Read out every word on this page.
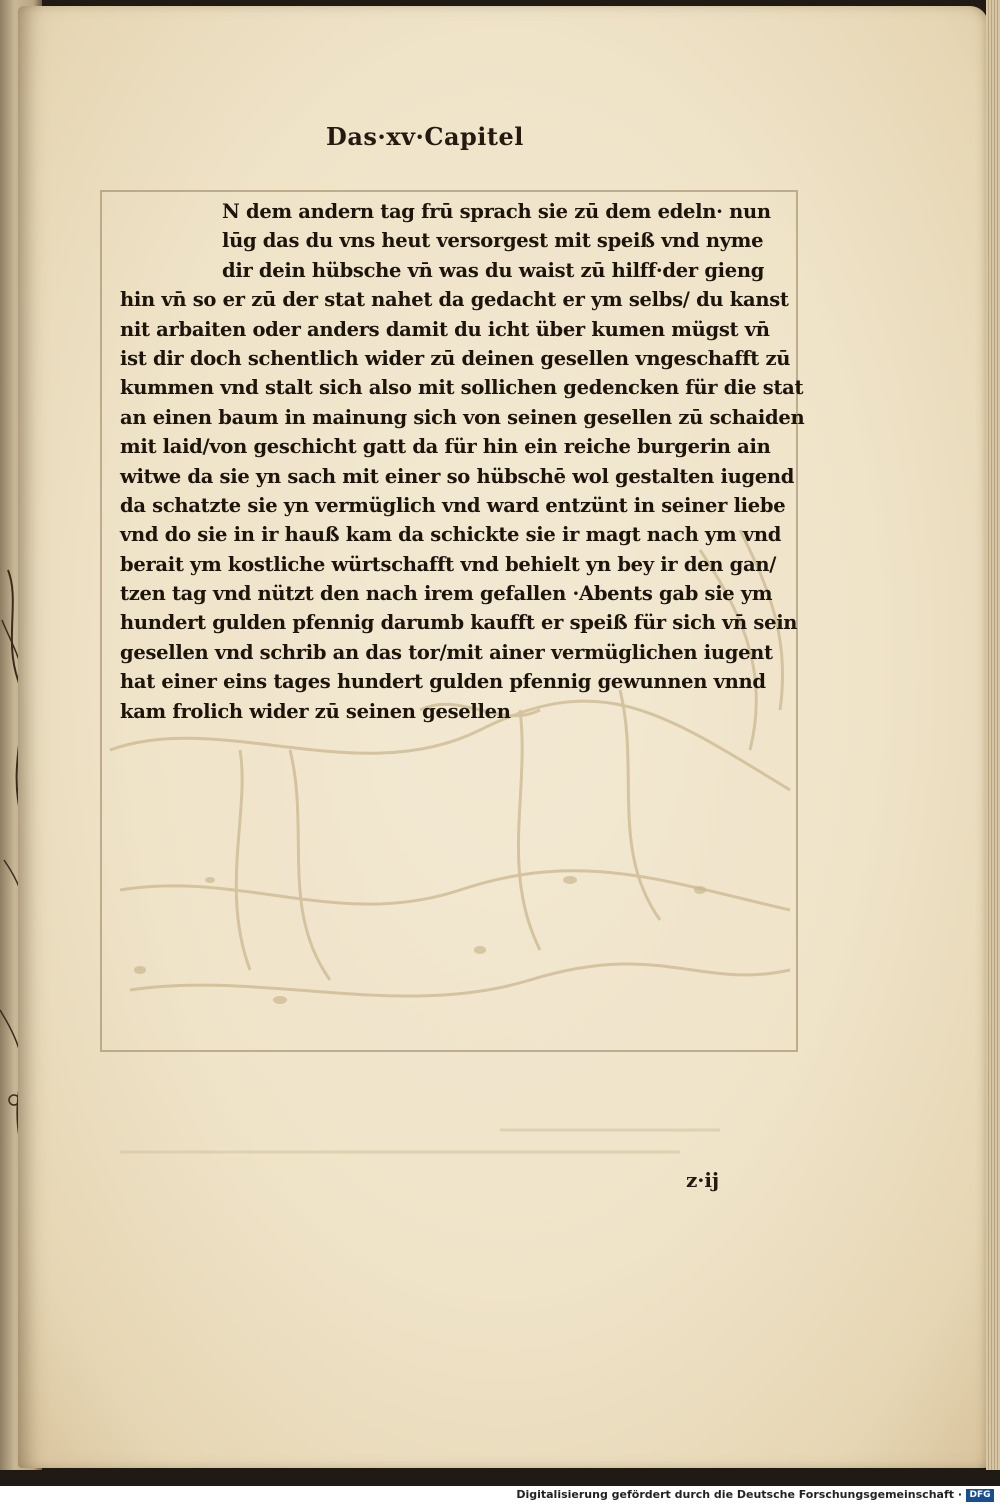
Das·xv·Capitel
N dem andern tag frū sprach sie zū dem edeln· nun
lūg das du vns heut versorgest mit speiß vnd nyme
dir dein hübsche vn̄ was du waist zū hilff·der gieng
hin vn̄ so er zū der stat nahet da gedacht er ym selbs/ du kanst
nit arbaiten oder anders damit du icht über kumen mügst vn̄
ist dir doch schentlich wider zū deinen gesellen vngeschafft zū
kummen vnd stalt sich also mit sollichen gedencken für die stat
an einen baum in mainung sich von seinen gesellen zū schaiden
mit laid/von geschicht gatt da für hin ein reiche burgerin ain
witwe da sie yn sach mit einer so hübschē wol gestalten iugend
da schatzte sie yn vermüglich vnd ward entzünt in seiner liebe
vnd do sie in ir hauß kam da schickte sie ir magt nach ym vnd
berait ym kostliche würtschafft vnd behielt yn bey ir den gan/
tzen tag vnd nützt den nach irem gefallen ·Abents gab sie ym
hundert gulden pfennig darumb kaufft er speiß für sich vn̄ sein
gesellen vnd schrib an das tor/mit ainer vermüglichen iugent
hat einer eins tages hundert gulden pfennig gewunnen vnnd
kam frolich wider zū seinen gesellen
z·ij
Digitalisierung gefördert durch die Deutsche Forschungsgemeinschaft · DFG
